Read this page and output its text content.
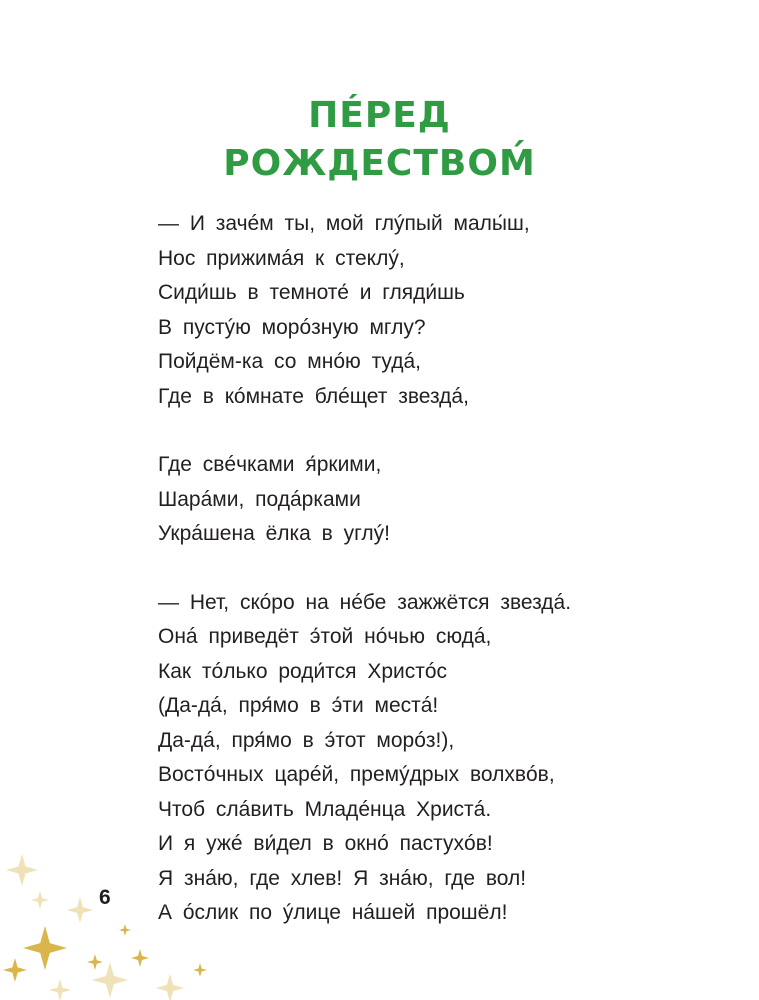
ПÉРЕД
РОЖДЕСТВОМ́
— И зачéм ты, мой глýпый малы́ш,
Нос прижимáя к стеклý,
Сиди́шь в темноте́ и гляди́шь
В пустýю морóзную мглу?
Пойдём-ка со мнóю тудá,
Где в кóмнате блéщет звездá,
Где свéчками я́ркими,
Шарáми, подáрками
Укрáшена ёлка в углý!
— Нет, скóро на нéбе зажжётся звездá.
Онá приведёт э́той нóчью сюдá,
Как тóлько роди́тся Христóс
(Да-дá, пря́мо в э́ти местá!
Да-дá, пря́мо в э́тот морóз!),
Востóчных царéй, премýдрых волхвóв,
Чтоб слáвить Младéнца Христá.
И я ужé ви́дел в окнó пастухóв!
Я знáю, где хлев! Я знáю, где вол!
А óслик по ýлице нáшей прошёл!
6
